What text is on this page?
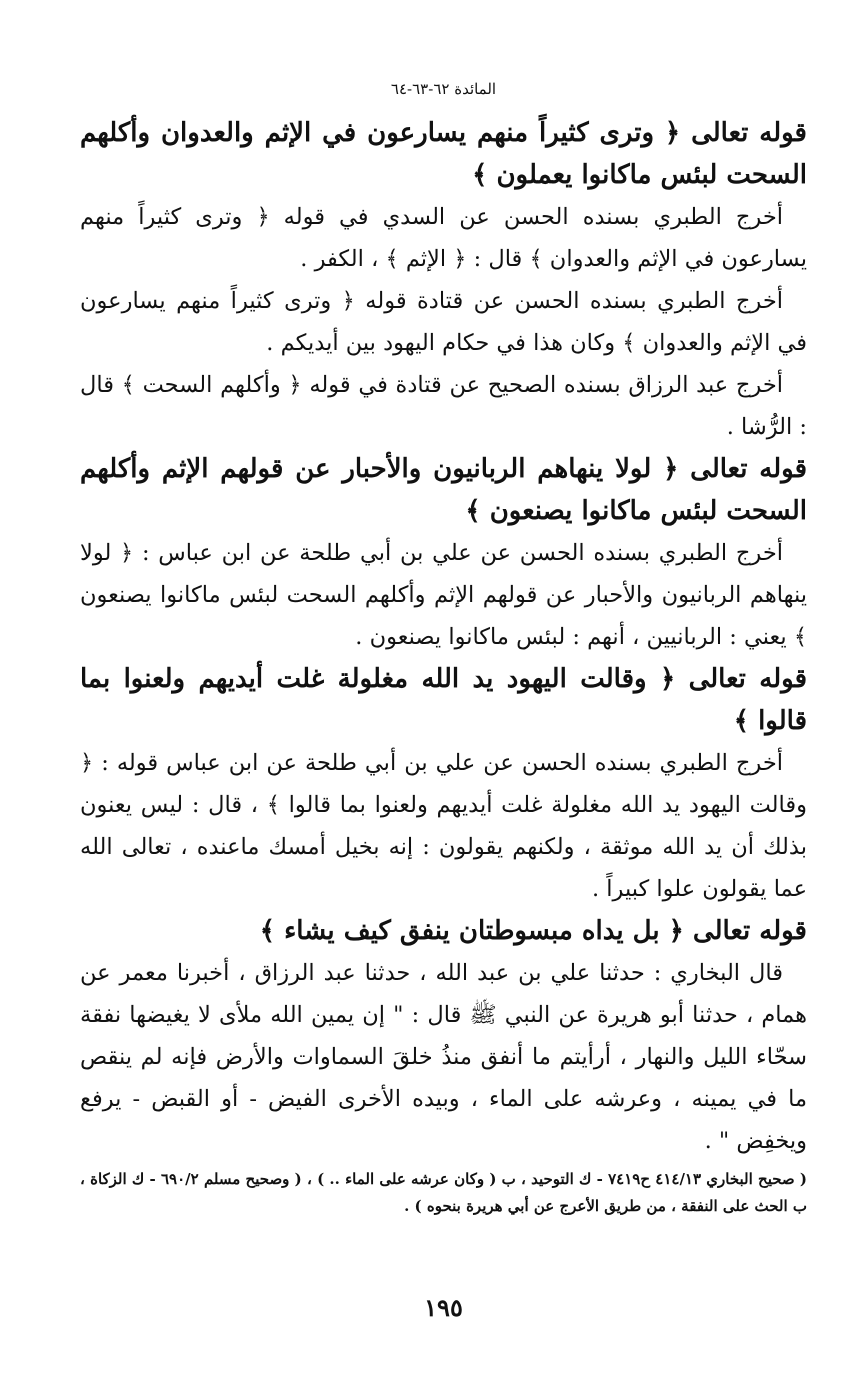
المائدة ٦٢-٦٣-٦٤
قوله تعالى ﴿ وترى كثيراً منهم يسارعون في الإثم والعدوان وأكلهم السحت لبئس ماكانوا يعملون ﴾

أخرج الطبري بسنده الحسن عن السدي في قوله ﴿ وترى كثيراً منهم يسارعون في الإثم والعدوان ﴾ قال : ﴿ الإثم ﴾ ، الكفر .

أخرج الطبري بسنده الحسن عن قتادة قوله ﴿ وترى كثيراً منهم يسارعون في الإثم والعدوان ﴾ وكان هذا في حكام اليهود بين أيديكم .

أخرج عبد الرزاق بسنده الصحيح عن قتادة في قوله ﴿ وأكلهم السحت ﴾ قال : الرُّشا .

قوله تعالى ﴿ لولا ينهاهم الربانيون والأحبار عن قولهم الإثم وأكلهم السحت لبئس ماكانوا يصنعون ﴾

أخرج الطبري بسنده الحسن عن علي بن أبي طلحة عن ابن عباس : ﴿ لولا ينهاهم الربانيون والأحبار عن قولهم الإثم وأكلهم السحت لبئس ماكانوا يصنعون ﴾ يعني : الربانيين ، أنهم : لبئس ماكانوا يصنعون .

قوله تعالى ﴿ وقالت اليهود يد الله مغلولة غلت أيديهم ولعنوا بما قالوا ﴾

أخرج الطبري بسنده الحسن عن علي بن أبي طلحة عن ابن عباس قوله : ﴿ وقالت اليهود يد الله مغلولة غلت أيديهم ولعنوا بما قالوا ﴾ ، قال : ليس يعنون بذلك أن يد الله موثقة ، ولكنهم يقولون : إنه بخيل أمسك ماعنده ، تعالى الله عما يقولون علوا كبيراً .

قوله تعالى ﴿ بل يداه مبسوطتان ينفق كيف يشاء ﴾

قال البخاري : حدثنا علي بن عبد الله ، حدثنا عبد الرزاق ، أخبرنا معمر عن همام ، حدثنا أبو هريرة عن النبي ﷺ قال : " إن يمين الله ملأى لا يغيضها نفقة سحّاء الليل والنهار ، أرأيتم ما أنفق منذُ خلقَ السماوات والأرض فإنه لم ينقص ما في يمينه ، وعرشه على الماء ، وبيده الأخرى الفيض - أو القبض - يرفع ويخفِض " .

( صحيح البخاري ٤١٤/١٣ ح٧٤١٩ - ك التوحيد ، ب ( وكان عرشه على الماء .. ) ، ( وصحيح مسلم ٦٩٠/٢ - ك الزكاة ، ب الحث على النفقة ، من طريق الأعرج عن أبي هريرة بنحوه ) .

١٩٥
